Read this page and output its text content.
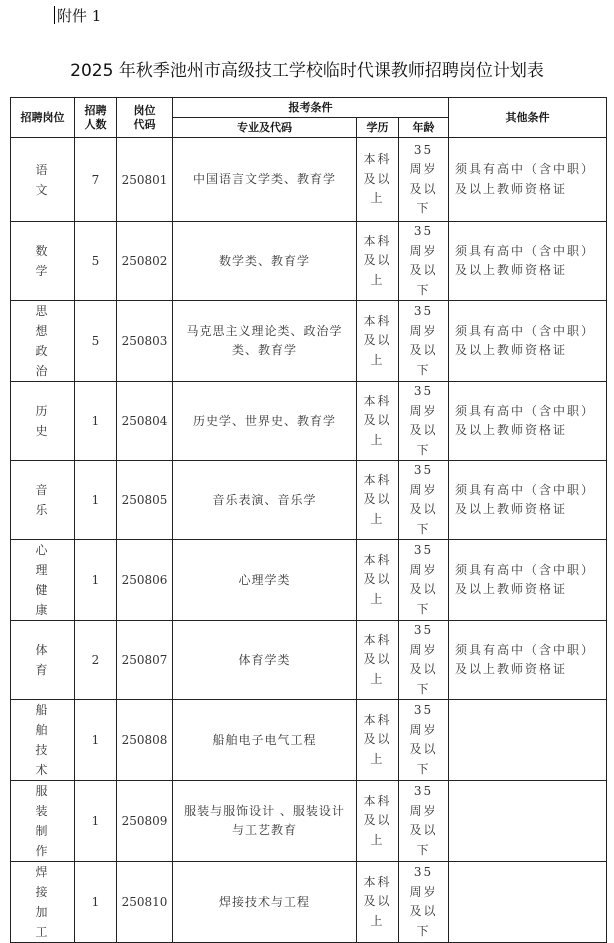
附件 1
2025 年秋季池州市高级技工学校临时代课教师招聘岗位计划表
招聘岗位	招聘人数	岗位代码	报考条件			其他条件
			专业及代码	学历	年龄	
语文	7	250801	中国语言文学类、教育学	本科及以上	35 周岁及以下	须具有高中（含中职）及以上教师资格证
数学	5	250802	数学类、教育学	本科及以上	35 周岁及以下	须具有高中（含中职）及以上教师资格证
思想政治	5	250803	马克思主义理论类、政治学类、教育学	本科及以上	35 周岁及以下	须具有高中（含中职）及以上教师资格证
历史	1	250804	历史学、世界史、教育学	本科及以上	35 周岁及以下	须具有高中（含中职）及以上教师资格证
音乐	1	250805	音乐表演、音乐学	本科及以上	35 周岁及以下	须具有高中（含中职）及以上教师资格证
心理健康	1	250806	心理学类	本科及以上	35 周岁及以下	须具有高中（含中职）及以上教师资格证
体育	2	250807	体育学类	本科及以上	35 周岁及以下	须具有高中（含中职）及以上教师资格证
船舶技术	1	250808	船舶电子电气工程	本科及以上	35 周岁及以下	
服装制作	1	250809	服装与服饰设计 、服装设计与工艺教育	本科及以上	35 周岁及以下	
焊接加工	1	250810	焊接技术与工程	本科及以上	35 周岁及以下	
